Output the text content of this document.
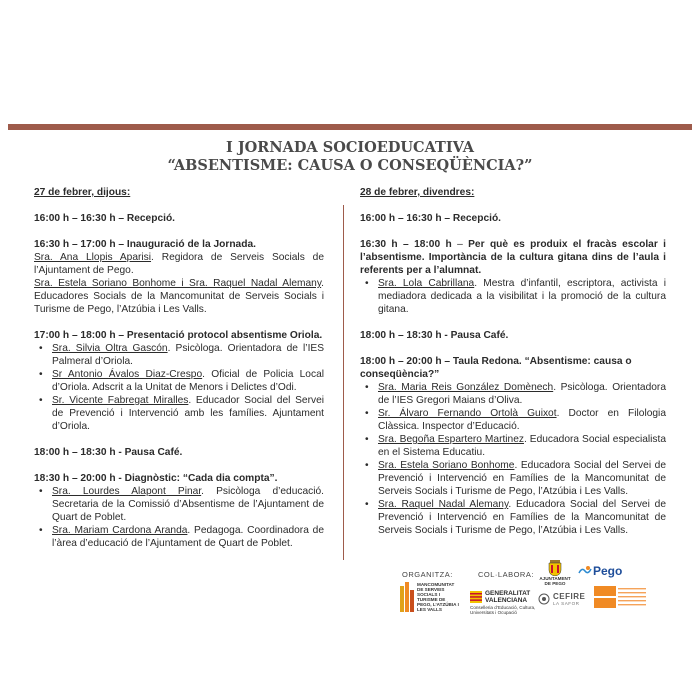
I JORNADA SOCIOEDUCATIVA
“ABSENTISME: CAUSA O CONSEQÜÈNCIA?”
27 de febrer, dijous:
16:00 h – 16:30 h – Recepció.
16:30 h – 17:00 h – Inauguració de la Jornada.
Sra. Ana Llopis Aparisi. Regidora de Serveis Socials de l’Ajuntament de Pego.
Sra. Estela Soriano Bonhome i Sra. Raquel Nadal Alemany. Educadores Socials de la Mancomunitat de Serveis Socials i Turisme de Pego, l’Atzúbia i Les Valls.
17:00 h – 18:00 h – Presentació protocol absentisme Oriola.
• Sra. Silvia Oltra Gascón. Psicòloga. Orientadora de l’IES Palmeral d’Oriola.
• Sr Antonio Ávalos Diaz-Crespo. Oficial de Policia Local d’Oriola. Adscrit a la Unitat de Menors i Delictes d’Odi.
• Sr. Vicente Fabregat Miralles. Educador Social del Servei de Prevenció i Intervenció amb les famílies. Ajuntament d’Oriola.
18:00 h – 18:30 h - Pausa Café.
18:30 h – 20:00 h - Diagnòstic: “Cada dia compta”.
• Sra. Lourdes Alapont Pinar. Psicòloga d’educació. Secretaria de la Comissió d’Absentisme de l’Ajuntament de Quart de Poblet.
• Sra. Mariam Cardona Aranda. Pedagoga. Coordinadora de l’àrea d’educació de l’Ajuntament de Quart de Poblet.
28 de febrer, divendres:
16:00 h – 16:30 h – Recepció.
16:30 h – 18:00 h – Per què es produix el fracàs escolar i l’absentisme. Importància de la cultura gitana dins de l’aula i referents per a l’alumnat.
• Sra. Lola Cabrillana. Mestra d’infantil, escriptora, activista i mediadora dedicada a la visibilitat i la promoció de la cultura gitana.
18:00 h – 18:30 h - Pausa Café.
18:00 h – 20:00 h – Taula Redona. “Absentisme: causa o conseqüència?”
• Sra. Maria Reis González Domènech. Psicòloga. Orientadora de l’IES Gregori Maians d’Oliva.
• Sr. Álvaro Fernando Ortolà Guixot. Doctor en Filologia Clàssica. Inspector d’Educació.
• Sra. Begoña Espartero Martinez. Educadora Social especialista en el Sistema Educatiu.
• Sra. Estela Soriano Bonhome. Educadora Social del Servei de Prevenció i Intervenció en Famílies de la Mancomunitat de Serveis Socials i Turisme de Pego, l’Atzúbia i Les Valls.
• Sra. Raquel Nadal Alemany. Educadora Social del Servei de Prevenció i Intervenció en Famílies de la Mancomunitat de Serveis Socials i Turisme de Pego, l’Atzúbia i Les Valls.
ORGANITZA:	COL·LABORA:
MANCOMUNITAT DE SERVEIS SOCIALS I TURISME DE PEGO, L’ATZÚBIA I LES VALLS
GENERALITAT VALENCIANA
Conselleria d’Educació, Cultura, Universitats i Ocupació
AJUNTAMENT DE PEGO
Pego
CEFIRE
LA SAFOR
